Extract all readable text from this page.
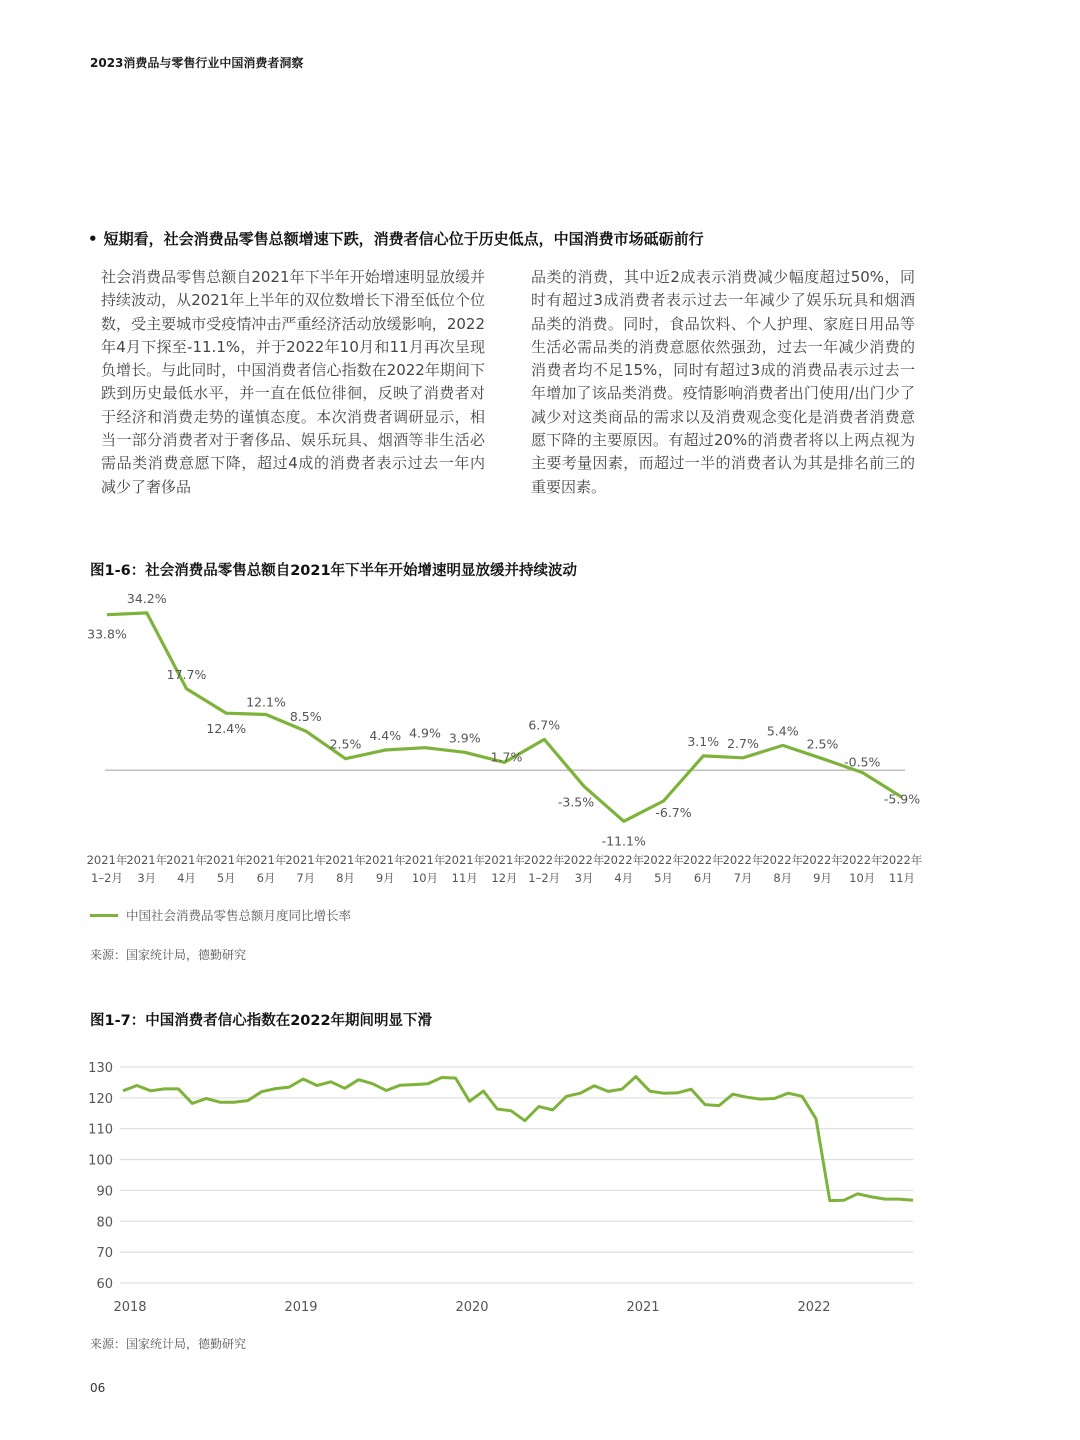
2023消费品与零售行业中国消费者洞察
• 短期看，社会消费品零售总额增速下跌，消费者信心位于历史低点，中国消费市场砥砺前行
社会消费品零售总额自2021年下半年开始增速明显放缓并持续波动，从2021年上半年的双位数增长下滑至低位个位数，受主要城市受疫情冲击严重经济活动放缓影响，2022年4月下探至-11.1%，并于2022年10月和11月再次呈现负增长。与此同时，中国消费者信心指数在2022年期间下跌到历史最低水平，并一直在低位徘徊，反映了消费者对于经济和消费走势的谨慎态度。本次消费者调研显示，相当一部分消费者对于奢侈品、娱乐玩具、烟酒等非生活必需品类消费意愿下降，超过4成的消费者表示过去一年内减少了奢侈品
品类的消费，其中近2成表示消费减少幅度超过50%，同时有超过3成消费者表示过去一年减少了娱乐玩具和烟酒品类的消费。同时，食品饮料、个人护理、家庭日用品等生活必需品类的消费意愿依然强劲，过去一年减少消费的消费者均不足15%，同时有超过3成的消费品表示过去一年增加了该品类消费。疫情影响消费者出门使用/出门少了减少对这类商品的需求以及消费观念变化是消费者消费意愿下降的主要原因。有超过20%的消费者将以上两点视为主要考量因素，而超过一半的消费者认为其是排名前三的重要因素。
图1-6：社会消费品零售总额自2021年下半年开始增速明显放缓并持续波动
33.8%
34.2%
17.7%
12.4%
12.1%
8.5%
2.5%
4.4% 4.9% 3.9%
1.7%
6.7%
-3.5%
-11.1%
-6.7%
3.1% 2.7%
5.4%
2.5%
-0.5%
-5.9%
2021年
1–2月
2021年
3月
2021年
4月
2021年
5月
2021年
6月
2021年
7月
2021年
8月
2021年
9月
2021年
10月
2021年
11月
2021年
12月
2022年
1–2月
2022年
3月
2022年
4月
2022年
5月
2022年
6月
2022年
7月
2022年
8月
2022年
9月
2022年
10月
2022年
11月
中国社会消费品零售总额月度同比增长率
来源：国家统计局，德勤研究
图1-7：中国消费者信心指数在2022年期间明显下滑
60
70
80
90
100
110
120
130
2018	2019	2020	2021	2022
来源：国家统计局，德勤研究
06
